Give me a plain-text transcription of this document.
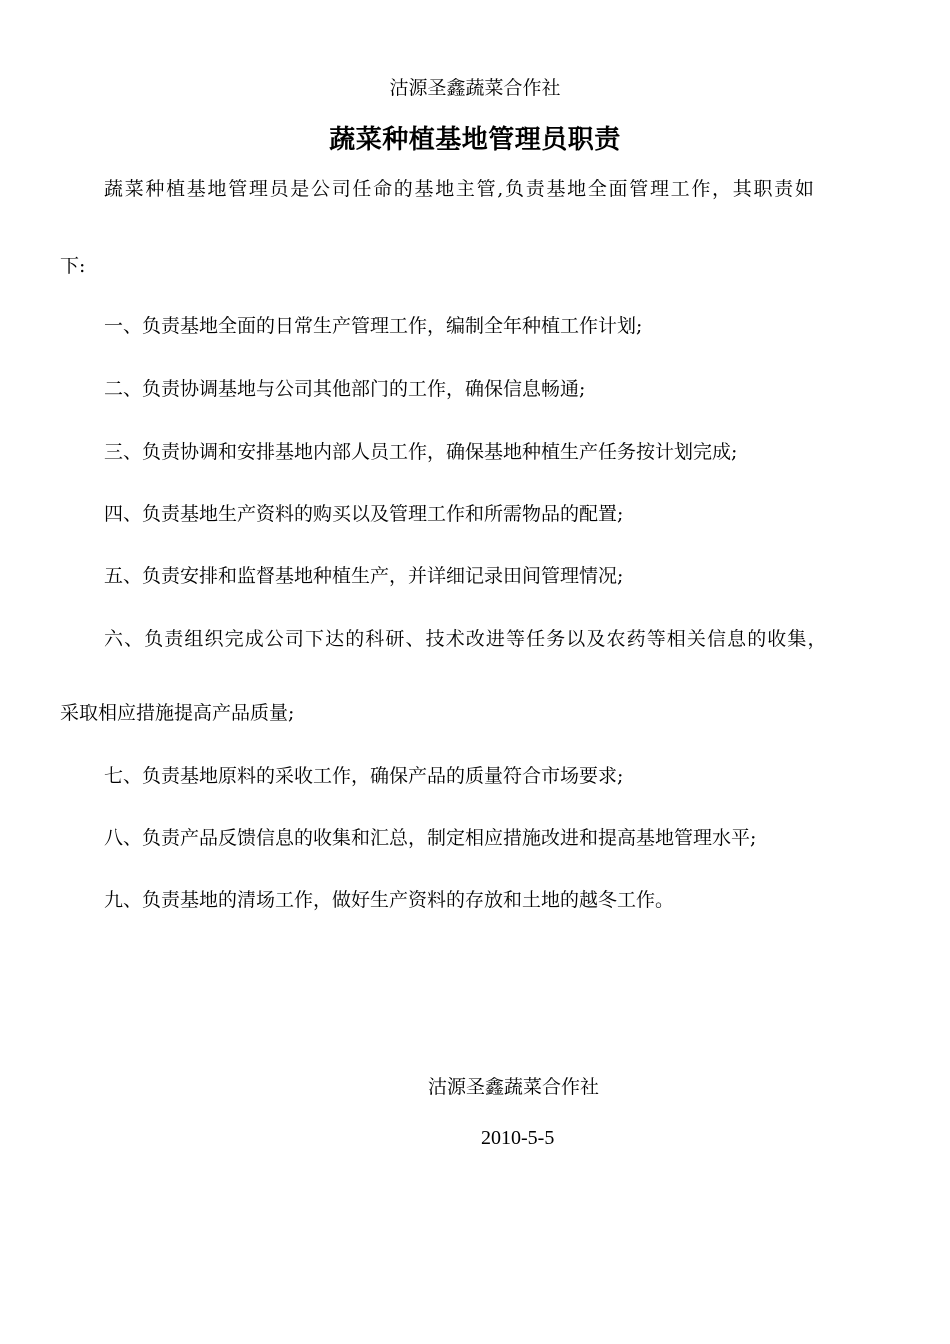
沽源圣鑫蔬菜合作社
蔬菜种植基地管理员职责
蔬菜种植基地管理员是公司任命的基地主管,负责基地全面管理工作，其职责如
下:
一、负责基地全面的日常生产管理工作，编制全年种植工作计划;
二、负责协调基地与公司其他部门的工作，确保信息畅通;
三、负责协调和安排基地内部人员工作，确保基地种植生产任务按计划完成;
四、负责基地生产资料的购买以及管理工作和所需物品的配置;
五、负责安排和监督基地种植生产，并详细记录田间管理情况;
六、负责组织完成公司下达的科研、技术改进等任务以及农药等相关信息的收集，
采取相应措施提高产品质量;
七、负责基地原料的采收工作，确保产品的质量符合市场要求;
八、负责产品反馈信息的收集和汇总，制定相应措施改进和提高基地管理水平;
九、负责基地的清场工作，做好生产资料的存放和土地的越冬工作。
沽源圣鑫蔬菜合作社
2010-5-5
